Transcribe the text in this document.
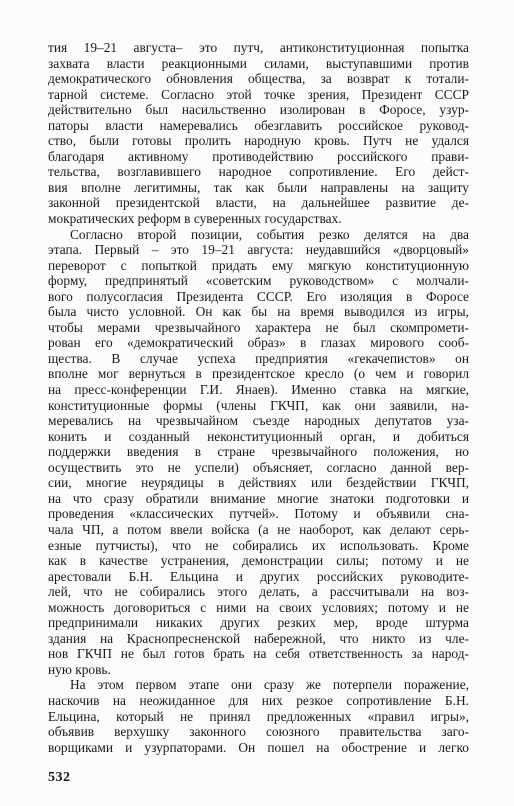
тия 19–21 августа– это путч, антиконституционная попытка
захвата власти реакционными силами, выступавшими против
демократического обновления общества, за возврат к тотали-
тарной системе. Согласно этой точке зрения, Президент СССР
действительно был насильственно изолирован в Форосе, узур-
паторы власти намеревались обезглавить российское руковод-
ство, были готовы пролить народную кровь. Путч не удался
благодаря активному противодействию российского прави-
тельства, возглавившего народное сопротивление. Его дейст-
вия вполне легитимны, так как были направлены на защиту
законной президентской власти, на дальнейшее развитие де-
мократических реформ в суверенных государствах.
Согласно второй позиции, события резко делятся на два
этапа. Первый – это 19–21 августа: неудавшийся «дворцовый»
переворот с попыткой придать ему мягкую конституционную
форму, предпринятый «советским руководством» с молчали-
вого полусогласия Президента СССР. Его изоляция в Форосе
была чисто условной. Он как бы на время выводился из игры,
чтобы мерами чрезвычайного характера не был скомпромети-
рован его «демократический образ» в глазах мирового сооб-
щества. В случае успеха предприятия «гекачепистов» он
вполне мог вернуться в президентское кресло (о чем и говорил
на пресс-конференции Г.И. Янаев). Именно ставка на мягкие,
конституционные формы (члены ГКЧП, как они заявили, на-
меревались на чрезвычайном съезде народных депутатов уза-
конить и созданный неконституционный орган, и добиться
поддержки введения в стране чрезвычайного положения, но
осуществить это не успели) объясняет, согласно данной вер-
сии, многие неурядицы в действиях или бездействии ГКЧП,
на что сразу обратили внимание многие знатоки подготовки и
проведения «классических путчей». Потому и объявили сна-
чала ЧП, а потом ввели войска (а не наоборот, как делают серь-
езные путчисты), что не собирались их использовать. Кроме
как в качестве устранения, демонстрации силы; потому и не
арестовали Б.Н. Ельцина и других российских руководите-
лей, что не собирались этого делать, а рассчитывали на воз-
можность договориться с ними на своих условиях; потому и не
предпринимали никаких других резких мер, вроде штурма
здания на Краснопресненской набережной, что никто из чле-
нов ГКЧП не был готов брать на себя ответственность за народ-
ную кровь.
На этом первом этапе они сразу же потерпели поражение,
наскочив на неожиданное для них резкое сопротивление Б.Н.
Ельцина, который не принял предложенных «правил игры»,
объявив верхушку законного союзного правительства заго-
ворщиками и узурпаторами. Он пошел на обострение и легко
532
